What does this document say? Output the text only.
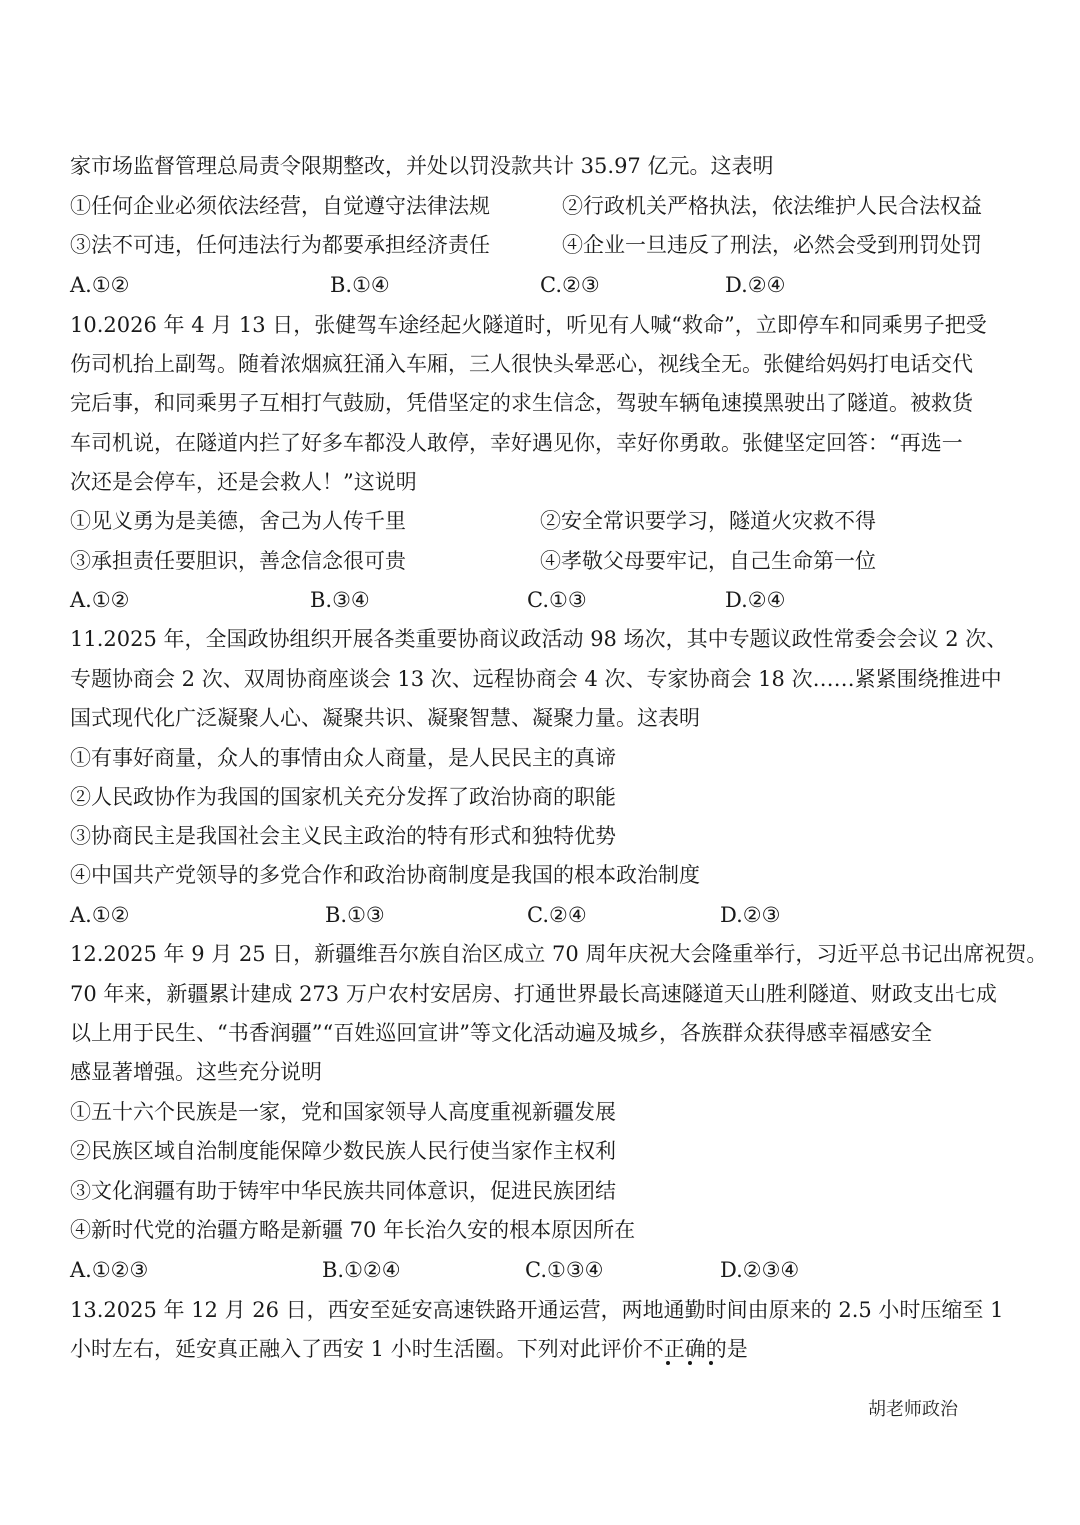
家市场监督管理总局责令限期整改，并处以罚没款共计 35.97 亿元。这表明
①任何企业必须依法经营，自觉遵守法律法规	②行政机关严格执法，依法维护人民合法权益
③法不可违，任何违法行为都要承担经济责任	④企业一旦违反了刑法，必然会受到刑罚处罚
A.①②	B.①④	C.②③	D.②④
10.2026 年 4 月 13 日，张健驾车途经起火隧道时，听见有人喊“救命”，立即停车和同乘男子把受
伤司机抬上副驾。随着浓烟疯狂涌入车厢，三人很快头晕恶心，视线全无。张健给妈妈打电话交代
完后事，和同乘男子互相打气鼓励，凭借坚定的求生信念，驾驶车辆龟速摸黑驶出了隧道。被救货
车司机说，在隧道内拦了好多车都没人敢停，幸好遇见你，幸好你勇敢。张健坚定回答：“再选一
次还是会停车，还是会救人！”这说明
①见义勇为是美德，舍己为人传千里	②安全常识要学习，隧道火灾救不得
③承担责任要胆识，善念信念很可贵	④孝敬父母要牢记，自己生命第一位
A.①②	B.③④	C.①③	D.②④
11.2025 年，全国政协组织开展各类重要协商议政活动 98 场次，其中专题议政性常委会会议 2 次、
专题协商会 2 次、双周协商座谈会 13 次、远程协商会 4 次、专家协商会 18 次……紧紧围绕推进中
国式现代化广泛凝聚人心、凝聚共识、凝聚智慧、凝聚力量。这表明
①有事好商量，众人的事情由众人商量，是人民民主的真谛
②人民政协作为我国的国家机关充分发挥了政治协商的职能
③协商民主是我国社会主义民主政治的特有形式和独特优势
④中国共产党领导的多党合作和政治协商制度是我国的根本政治制度
A.①②	B.①③	C.②④	D.②③
12.2025 年 9 月 25 日，新疆维吾尔族自治区成立 70 周年庆祝大会隆重举行，习近平总书记出席祝贺。
70 年来，新疆累计建成 273 万户农村安居房、打通世界最长高速隧道天山胜利隧道、财政支出七成
以上用于民生、“书香润疆”“百姓巡回宣讲”等文化活动遍及城乡，各族群众获得感幸福感安全
感显著增强。这些充分说明
①五十六个民族是一家，党和国家领导人高度重视新疆发展
②民族区域自治制度能保障少数民族人民行使当家作主权利
③文化润疆有助于铸牢中华民族共同体意识，促进民族团结
④新时代党的治疆方略是新疆 70 年长治久安的根本原因所在
A.①②③	B.①②④	C.①③④	D.②③④
13.2025 年 12 月 26 日，西安至延安高速铁路开通运营，两地通勤时间由原来的 2.5 小时压缩至 1
小时左右，延安真正融入了西安 1 小时生活圈。下列对此评价不正确的是
胡老师政治
